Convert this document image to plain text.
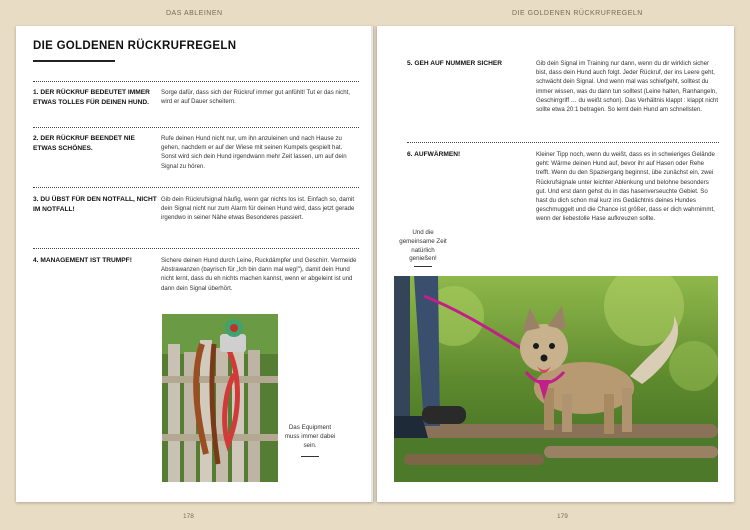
DAS ABLEINEN	DIE GOLDENEN RÜCKRUFREGELN
DIE GOLDENEN RÜCKRUFREGELN
1. DER RÜCKRUF BEDEUTET IMMER ETWAS TOLLES FÜR DEINEN HUND.
Sorge dafür, dass sich der Rückruf immer gut anfühlt! Tut er das nicht, wird er auf Dauer scheitern.
2. DER RÜCKRUF BEENDET NIE ETWAS SCHÖNES.
Rufe deinen Hund nicht nur, um ihn anzuleinen und nach Hause zu gehen, nachdem er auf der Wiese mit seinen Kumpels gespielt hat. Sonst wird sich dein Hund irgendwann mehr Zeit lassen, um auf dein Signal zu hören.
3. DU ÜBST FÜR DEN NOTFALL, NICHT IM NOTFALL!
Gib dein Rückrufsignal häufig, wenn gar nichts los ist. Einfach so, damit dein Signal nicht nur zum Alarm für deinen Hund wird, dass jetzt gerade irgendwo in seiner Nähe etwas Besonderes passiert.
4. MANAGEMENT IST TRUMPF!	Sichere deinen Hund durch Leine, Ruckdämpfer und Geschirr. Vermeide Abstrawanzen (bayrisch für „Ich bin dann mal weg!"), damit dein Hund nicht lernt, dass du eh nichts machen kannst, wenn er abgeleint ist und dann dein Signal überhört.
Das Equipment muss immer dabei sein.
178
5. GEH AUF NUMMER SICHER	Gib dein Signal im Training nur dann, wenn du dir wirklich sicher bist, dass dein Hund auch folgt. Jeder Rückruf, der ins Leere geht, schwächt dein Signal. Und wenn mal was schiefgeht, solltest du immer wissen, was du dann tun solltest (Leine halten, Ranhangeln, Geschirrgriff … du weißt schon). Das Verhältnis klappt : klappt nicht sollte etwa 20:1 betragen. So lernt dein Hund am schnellsten.
6. AUFWÄRMEN!	Kleiner Tipp noch, wenn du weißt, dass es in schwieriges Gelände geht: Wärme deinen Hund auf, bevor ihr auf Hasen oder Rehe trefft. Wenn du den Spaziergang beginnst, übe zunächst ein, zwei Rückrufsignale unter leichter Ablenkung und belohne besonders gut. Und erst dann gehst du in das hasenverseuchte Gebiet. So hast du dich schon mal kurz ins Gedächtnis deines Hundes geschmuggelt und die Chance ist größer, dass er dich wahrnimmt, wenn der liebestolle Hase aufkreuzen sollte.
Und die gemeinsame Zeit natürlich genießen!
179
